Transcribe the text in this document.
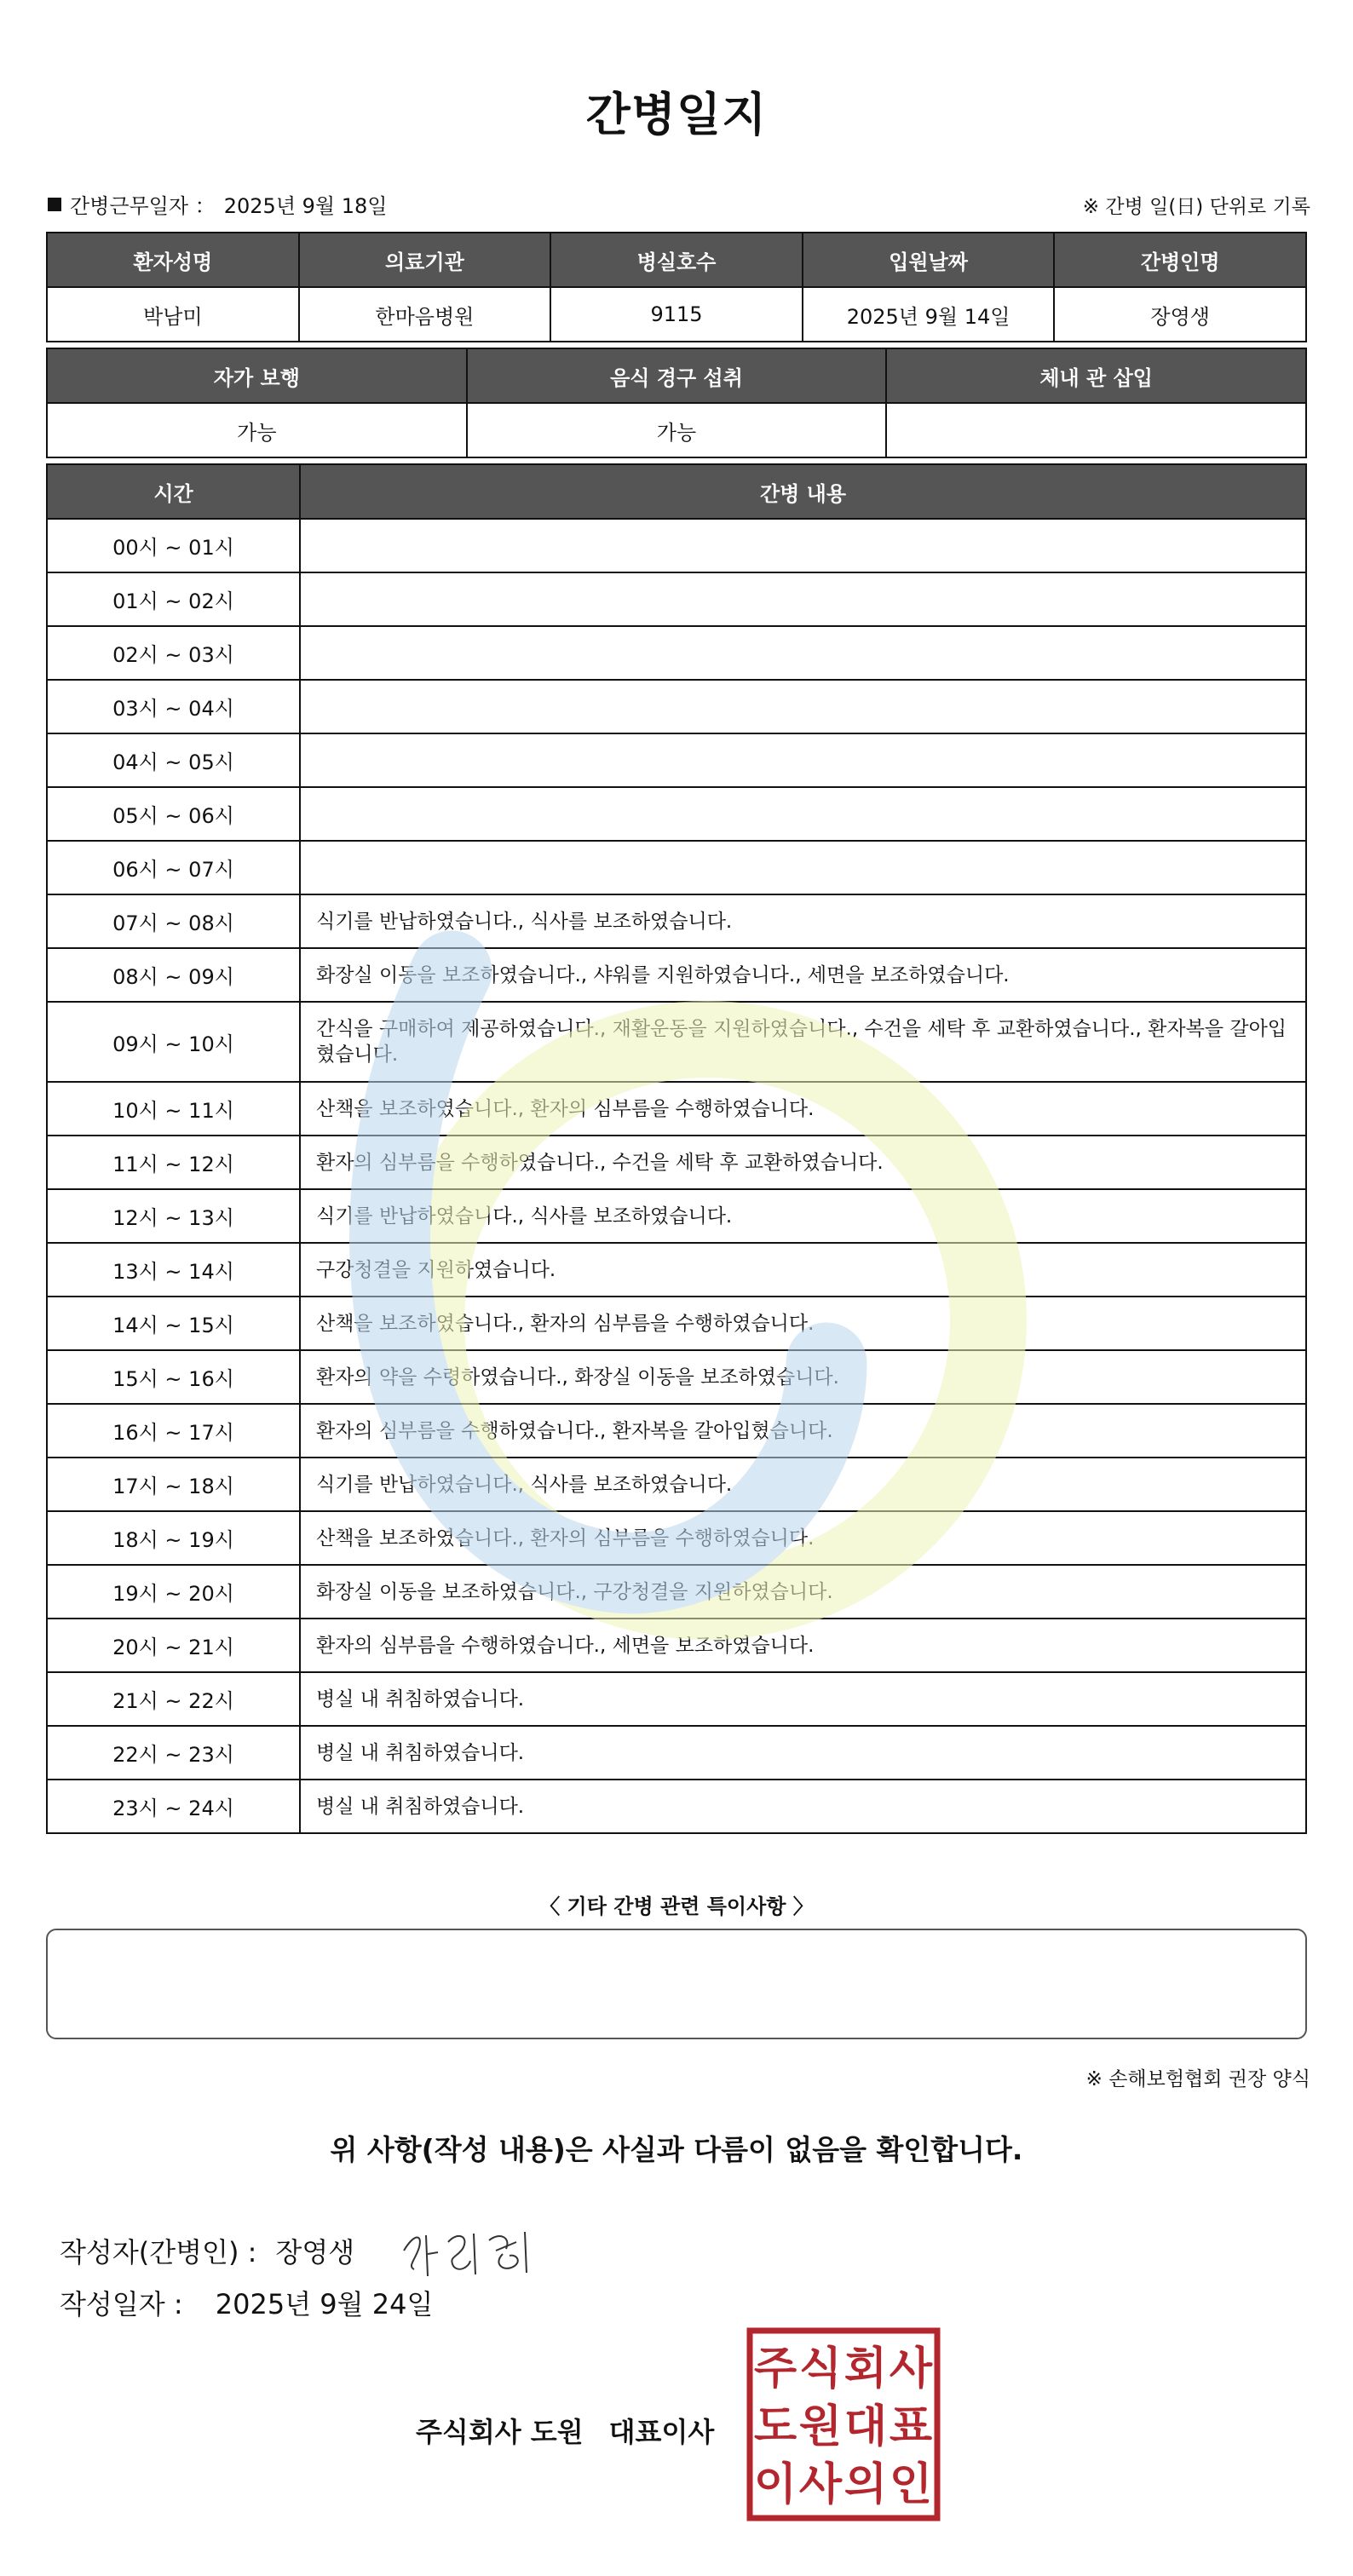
간병일지
간병근무일자 ： 2025년 9월 18일	※ 간병 일(日) 단위로 기록
환자성명	의료기관	병실호수	입원날짜	간병인명
박남미	한마음병원	9115	2025년 9월 14일	장영생
자가 보행	음식 경구 섭취	체내 관 삽입
가능	가능	
시간	간병 내용
00시 ~ 01시	
01시 ~ 02시	
02시 ~ 03시	
03시 ~ 04시	
04시 ~ 05시	
05시 ~ 06시	
06시 ~ 07시	
07시 ~ 08시	식기를 반납하였습니다., 식사를 보조하였습니다.
08시 ~ 09시	화장실 이동을 보조하였습니다., 샤워를 지원하였습니다., 세면을 보조하였습니다.
09시 ~ 10시	간식을 구매하여 제공하였습니다., 재활운동을 지원하였습니다., 수건을 세탁 후 교환하였습니다., 환자복을 갈아입혔습니다.
10시 ~ 11시	산책을 보조하였습니다., 환자의 심부름을 수행하였습니다.
11시 ~ 12시	환자의 심부름을 수행하였습니다., 수건을 세탁 후 교환하였습니다.
12시 ~ 13시	식기를 반납하였습니다., 식사를 보조하였습니다.
13시 ~ 14시	구강청결을 지원하였습니다.
14시 ~ 15시	산책을 보조하였습니다., 환자의 심부름을 수행하였습니다.
15시 ~ 16시	환자의 약을 수령하였습니다., 화장실 이동을 보조하였습니다.
16시 ~ 17시	환자의 심부름을 수행하였습니다., 환자복을 갈아입혔습니다.
17시 ~ 18시	식기를 반납하였습니다., 식사를 보조하였습니다.
18시 ~ 19시	산책을 보조하였습니다., 환자의 심부름을 수행하였습니다.
19시 ~ 20시	화장실 이동을 보조하였습니다., 구강청결을 지원하였습니다.
20시 ~ 21시	환자의 심부름을 수행하였습니다., 세면을 보조하였습니다.
21시 ~ 22시	병실 내 취침하였습니다.
22시 ~ 23시	병실 내 취침하였습니다.
23시 ~ 24시	병실 내 취침하였습니다.
〈 기타 간병 관련 특이사항 〉
※ 손해보험협회 권장 양식
위 사항(작성 내용)은 사실과 다름이 없음을 확인합니다.
작성자(간병인) : 장영생
작성일자 : 2025년 9월 24일
주식회사 도원 대표이사
주 식 회 사
도 원 대 표
이 사 의 인
